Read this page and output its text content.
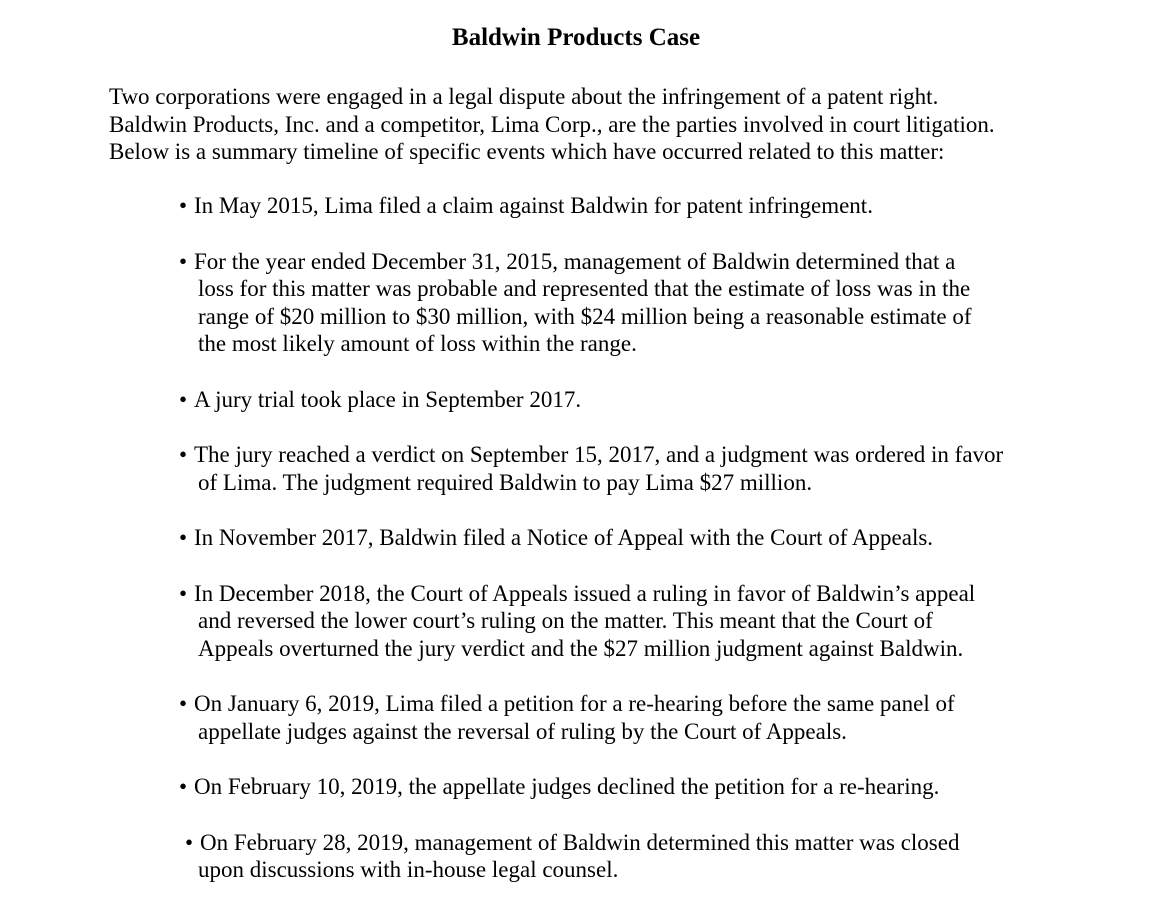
Baldwin Products Case
Two corporations were engaged in a legal dispute about the infringement of a patent right.
Baldwin Products, Inc. and a competitor, Lima Corp., are the parties involved in court litigation.
Below is a summary timeline of specific events which have occurred related to this matter:
• In May 2015, Lima filed a claim against Baldwin for patent infringement.
• For the year ended December 31, 2015, management of Baldwin determined that a
loss for this matter was probable and represented that the estimate of loss was in the
range of $20 million to $30 million, with $24 million being a reasonable estimate of
the most likely amount of loss within the range.
• A jury trial took place in September 2017.
• The jury reached a verdict on September 15, 2017, and a judgment was ordered in favor
of Lima. The judgment required Baldwin to pay Lima $27 million.
• In November 2017, Baldwin filed a Notice of Appeal with the Court of Appeals.
• In December 2018, the Court of Appeals issued a ruling in favor of Baldwin’s appeal
and reversed the lower court’s ruling on the matter. This meant that the Court of
Appeals overturned the jury verdict and the $27 million judgment against Baldwin.
• On January 6, 2019, Lima filed a petition for a re-hearing before the same panel of
appellate judges against the reversal of ruling by the Court of Appeals.
• On February 10, 2019, the appellate judges declined the petition for a re-hearing.
• On February 28, 2019, management of Baldwin determined this matter was closed
upon discussions with in-house legal counsel.
